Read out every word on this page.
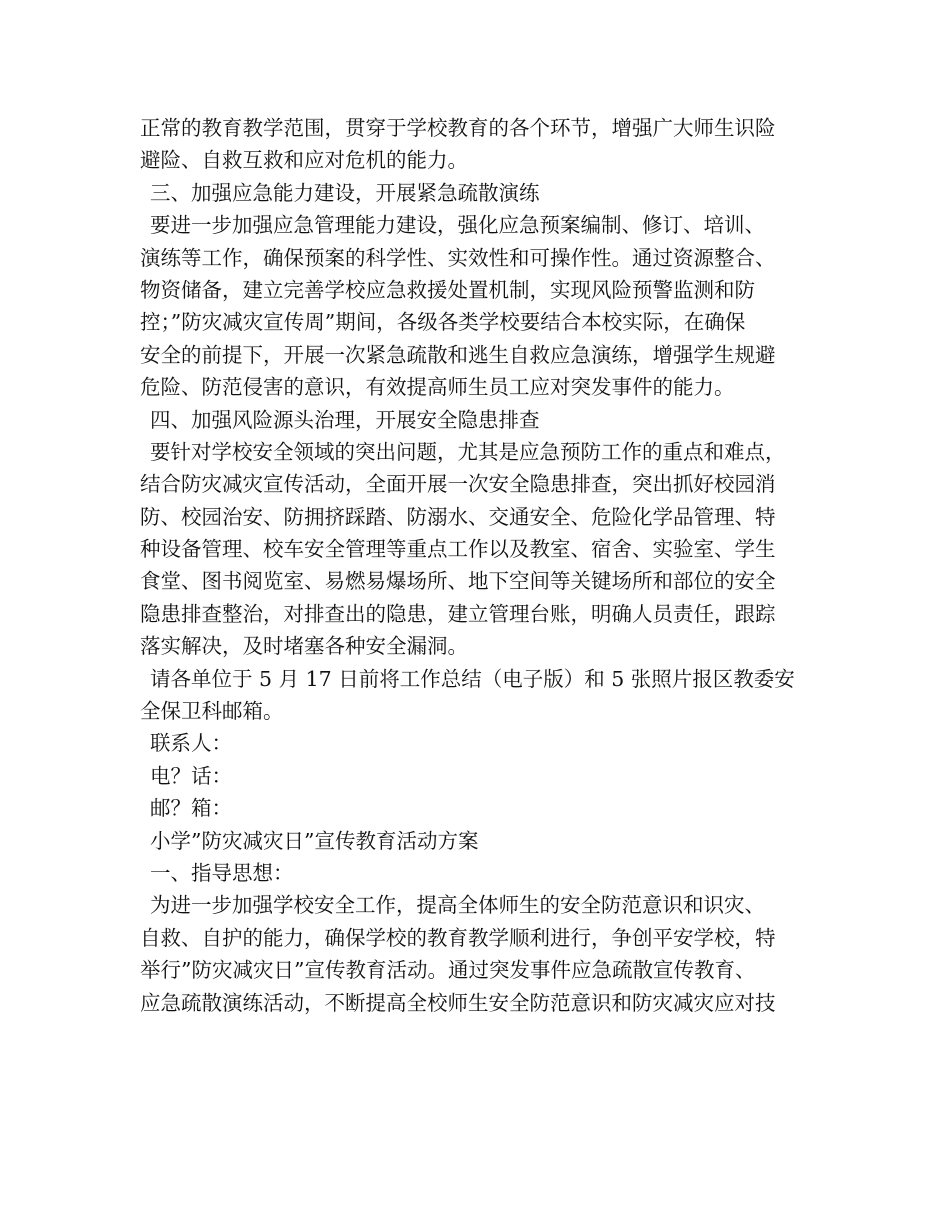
正常的教育教学范围，贯穿于学校教育的各个环节，增强广大师生识险

避险、自救互救和应对危机的能力。

三、加强应急能力建设，开展紧急疏散演练

要进一步加强应急管理能力建设，强化应急预案编制、修订、培训、

演练等工作，确保预案的科学性、实效性和可操作性。通过资源整合、

物资储备，建立完善学校应急救援处置机制，实现风险预警监测和防

控；”防灾减灾宣传周”期间，各级各类学校要结合本校实际，在确保

安全的前提下，开展一次紧急疏散和逃生自救应急演练，增强学生规避

危险、防范侵害的意识，有效提高师生员工应对突发事件的能力。

四、加强风险源头治理，开展安全隐患排查

要针对学校安全领域的突出问题，尤其是应急预防工作的重点和难点，

结合防灾减灾宣传活动，全面开展一次安全隐患排查，突出抓好校园消

防、校园治安、防拥挤踩踏、防溺水、交通安全、危险化学品管理、特

种设备管理、校车安全管理等重点工作以及教室、宿舍、实验室、学生

食堂、图书阅览室、易燃易爆场所、地下空间等关键场所和部位的安全

隐患排查整治，对排查出的隐患，建立管理台账，明确人员责任，跟踪

落实解决，及时堵塞各种安全漏洞。

请各单位于 5 月 17 日前将工作总结（电子版）和 5 张照片报区教委安

全保卫科邮箱。

联系人：

电？话：

邮？箱：

小学”防灾减灾日”宣传教育活动方案

一、指导思想：

为进一步加强学校安全工作，提高全体师生的安全防范意识和识灾、

自救、自护的能力，确保学校的教育教学顺利进行，争创平安学校，特

举行”防灾减灾日”宣传教育活动。通过突发事件应急疏散宣传教育、

应急疏散演练活动，不断提高全校师生安全防范意识和防灾减灾应对技
